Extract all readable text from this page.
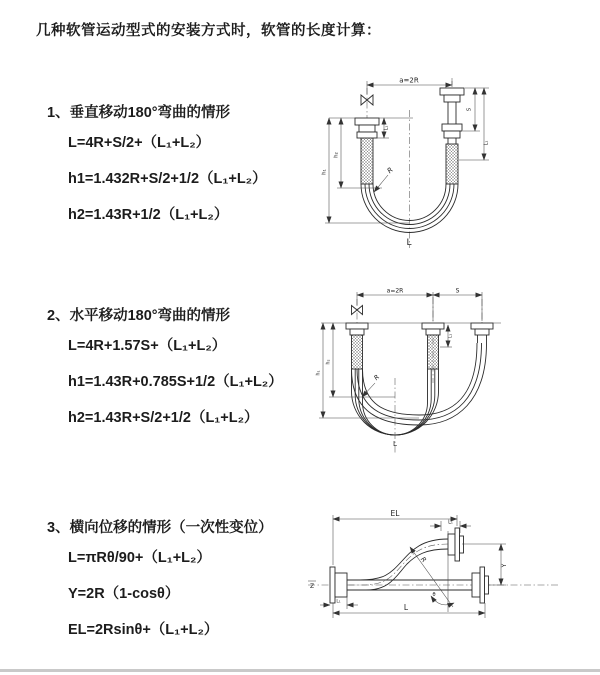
几种软管运动型式的安装方式时，软管的长度计算：
1、垂直移动180°弯曲的情形
L=4R+S/2+（L₁+L₂）
h1=1.432R+S/2+1/2（L₁+L₂）
h2=1.43R+1/2（L₁+L₂）
2、水平移动180°弯曲的情形
L=4R+1.57S+（L₁+L₂）
h1=1.43R+0.785S+1/2（L₁+L₂）
h2=1.43R+S/2+1/2（L₁+L₂）
3、横向位移的情形（一次性变位）
L=πRθ/90+（L₁+L₂）
Y=2R（1-cosθ）
EL=2Rsinθ+（L₁+L₂）
a=2R
S
L₁
L₁
h₁
h₂
R
L
a=2R	S
L₁
h₁
h₂
R
L
EL
L₁
Y
L
L₁
R
θ
Z
